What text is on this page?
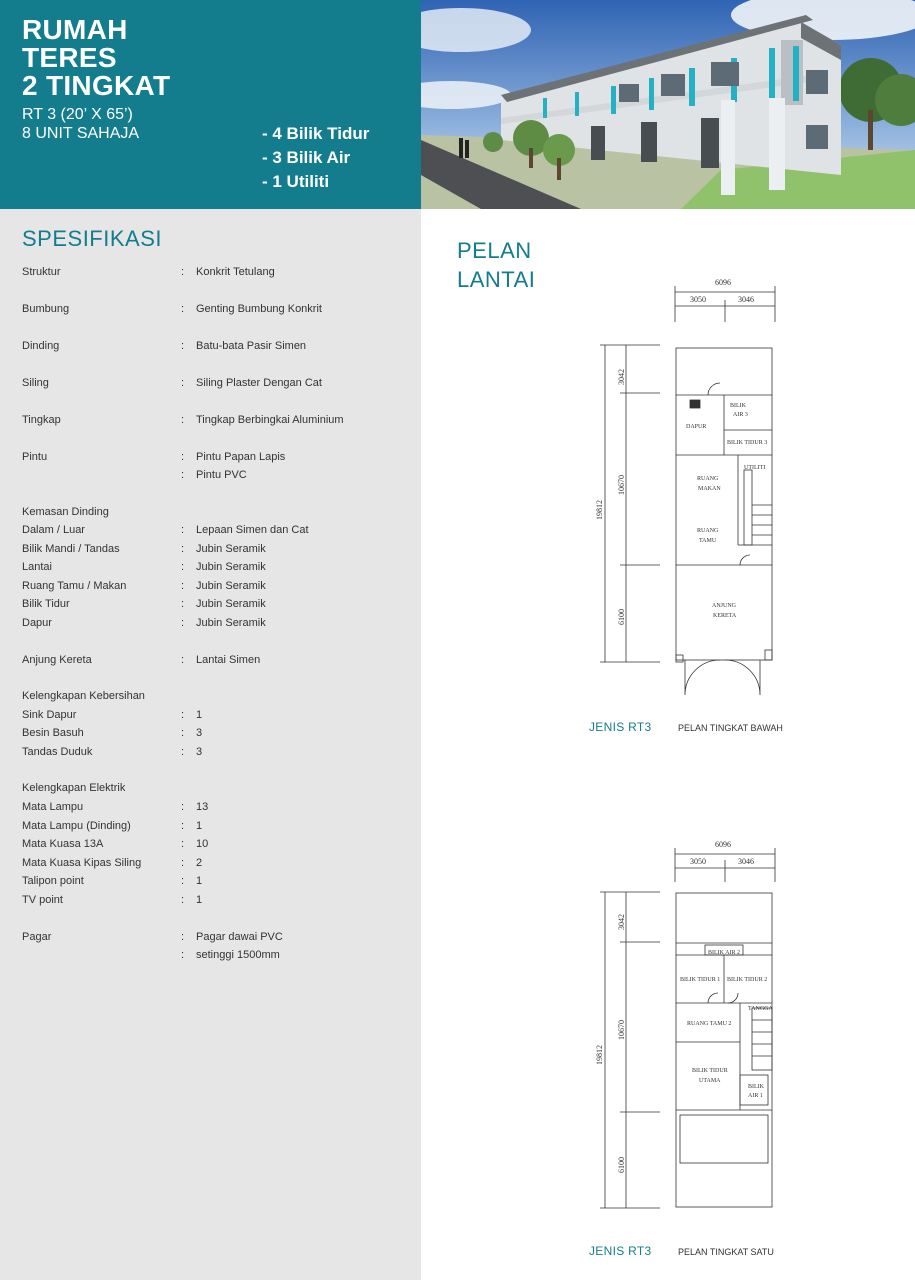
RUMAH
TERES
2 TINGKAT
RT 3 (20’ X 65’)
8 UNIT SAHAJA	- 4 Bilik Tidur
- 3 Bilik Air
- 1 Utiliti
SPESIFIKASI
Struktur	: Konkrit Tetulang
Bumbung	: Genting Bumbung Konkrit
Dinding	: Batu-bata Pasir Simen
Siling	: Siling Plaster Dengan Cat
Tingkap	: Tingkap Berbingkai Aluminium
Pintu	: Pintu Papan Lapis
: Pintu PVC
Kemasan Dinding
Dalam / Luar	: Lepaan Simen dan Cat
Bilik Mandi / Tandas	: Jubin Seramik
Lantai	: Jubin Seramik
Ruang Tamu / Makan	: Jubin Seramik
Bilik Tidur	: Jubin Seramik
Dapur	: Jubin Seramik
Anjung Kereta	: Lantai Simen
Kelengkapan Kebersihan
Sink Dapur	: 1
Besin Basuh	: 3
Tandas Duduk	: 3
Kelengkapan Elektrik
Mata Lampu	: 13
Mata Lampu (Dinding)	: 1
Mata Kuasa 13A	: 10
Mata Kuasa Kipas Siling	: 2
Talipon point	: 1
TV point	: 1
Pagar	: Pagar dawai PVC
: setinggi 1500mm
PELAN
LANTAI	6096
3050	3046
3042
10670
6100
19812
BILIK
AIR 3
DAPUR
BILIK TIDUR 3
UTILITI
RUANG
MAKAN
RUANG
TAMU
ANJUNG
KERETA
JENIS RT3	PELAN TINGKAT BAWAH
6096
3050	3046
3042
10670
6100
19812
BILIK AIR 2
BILIK TIDUR 1 BILIK TIDUR 2
TANGGA
RUANG TAMU 2
BILIK TIDUR
UTAMA
BILIK
AIR 1
JENIS RT3	PELAN TINGKAT SATU
